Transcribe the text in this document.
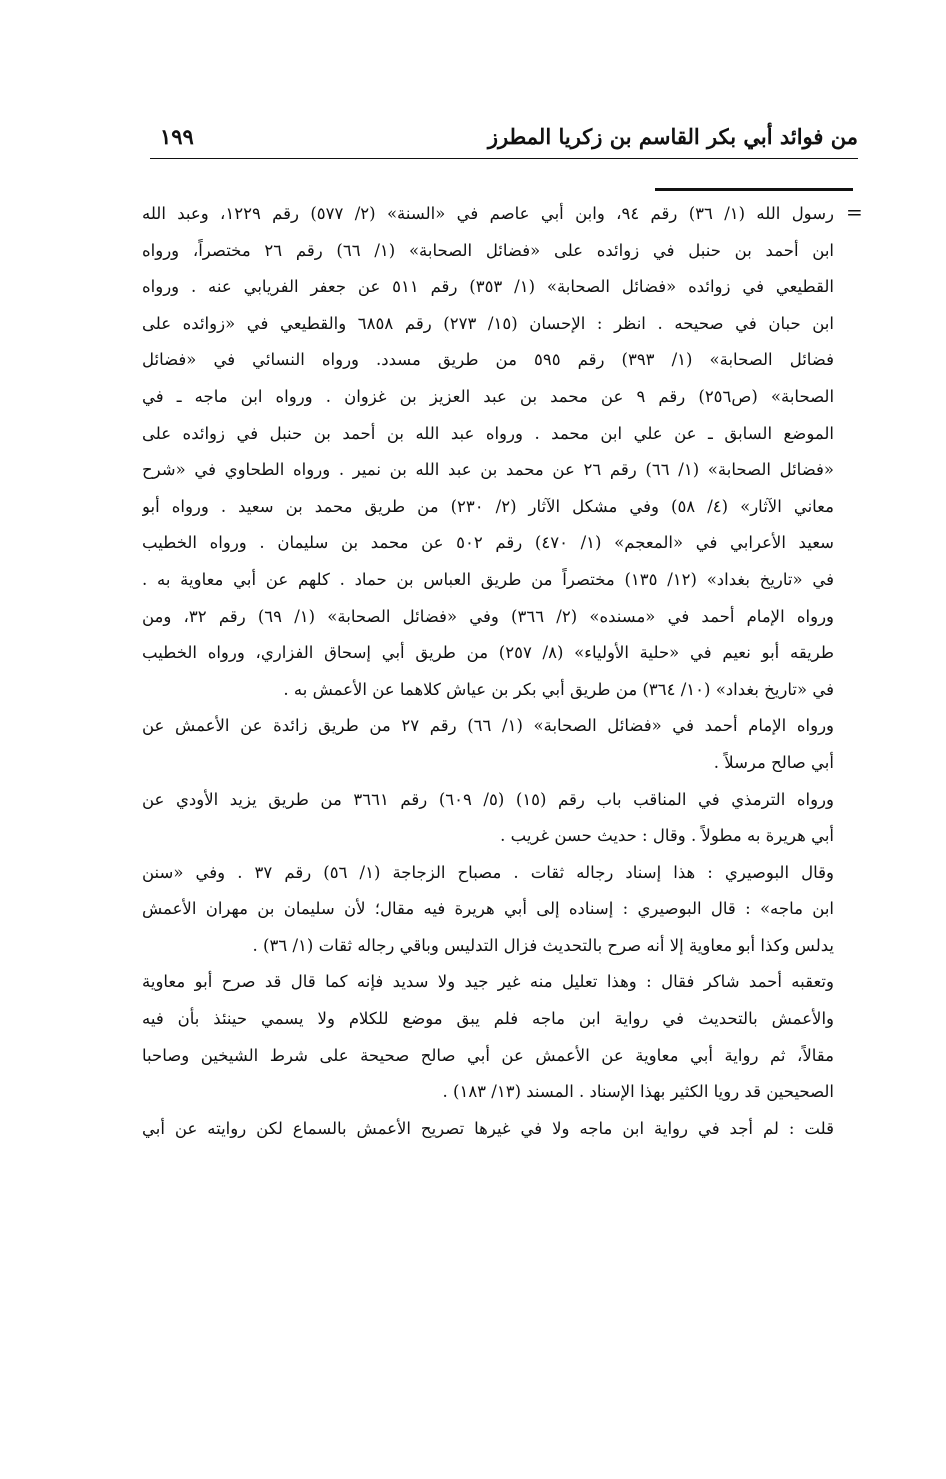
من فوائد أبي بكر القاسم بن زكريا المطرز
١٩٩
=
رسول الله (١/ ٣٦) رقم ٩٤، وابن أبي عاصم في «السنة» (٢/ ٥٧٧) رقم ١٢٢٩، وعبد الله
ابن أحمد بن حنبل في زوائده على «فضائل الصحابة» (١/ ٦٦) رقم ٢٦ مختصراً، ورواه
القطيعي في زوائده «فضائل الصحابة» (١/ ٣٥٣) رقم ٥١١ عن جعفر الفريابي عنه . ورواه
ابن حبان في صحيحه . انظر : الإحسان (١٥/ ٢٧٣) رقم ٦٨٥٨ والقطيعي في «زوائده على
فضائل الصحابة» (١/ ٣٩٣) رقم ٥٩٥ من طريق مسدد. ورواه النسائي في «فضائل
الصحابة» (ص٢٥٦) رقم ٩ عن محمد بن عبد العزيز بن غزوان . ورواه ابن ماجه ـ في
الموضع السابق ـ عن علي ابن محمد . ورواه عبد الله بن أحمد بن حنبل في زوائده على
«فضائل الصحابة» (١/ ٦٦) رقم ٢٦ عن محمد بن عبد الله بن نمير . ورواه الطحاوي في «شرح
معاني الآثار» (٤/ ٥٨) وفي مشكل الآثار (٢/ ٢٣٠) من طريق محمد بن سعيد . ورواه أبو
سعيد الأعرابي في «المعجم» (١/ ٤٧٠) رقم ٥٠٢ عن محمد بن سليمان . ورواه الخطيب
في «تاريخ بغداد» (١٢/ ١٣٥) مختصراً من طريق العباس بن حماد . كلهم عن أبي معاوية به .
ورواه الإمام أحمد في «مسنده» (٢/ ٣٦٦) وفي «فضائل الصحابة» (١/ ٦٩) رقم ٣٢، ومن
طريقه أبو نعيم في «حلية الأولياء» (٨/ ٢٥٧) من طريق أبي إسحاق الفزاري، ورواه الخطيب
في «تاريخ بغداد» (١٠/ ٣٦٤) من طريق أبي بكر بن عياش كلاهما عن الأعمش به .
ورواه الإمام أحمد في «فضائل الصحابة» (١/ ٦٦) رقم ٢٧ من طريق زائدة عن الأعمش عن
أبي صالح مرسلاً .
ورواه الترمذي في المناقب باب رقم (١٥) (٥/ ٦٠٩) رقم ٣٦٦١ من طريق يزيد الأودي عن
أبي هريرة به مطولاً . وقال : حديث حسن غريب .
وقال البوصيري : هذا إسناد رجاله ثقات . مصباح الزجاجة (١/ ٥٦) رقم ٣٧ . وفي «سنن
ابن ماجه» : قال البوصيري : إسناده إلى أبي هريرة فيه مقال؛ لأن سليمان بن مهران الأعمش
يدلس وكذا أبو معاوية إلا أنه صرح بالتحديث فزال التدليس وباقي رجاله ثقات (١/ ٣٦) .
وتعقبه أحمد شاكر فقال : وهذا تعليل منه غير جيد ولا سديد فإنه كما قال قد صرح أبو معاوية
والأعمش بالتحديث في رواية ابن ماجه فلم يبق موضع للكلام ولا يسمي حينئذ بأن فيه
مقالاً، ثم رواية أبي معاوية عن الأعمش عن أبي صالح صحيحة على شرط الشيخين وصاحبا
الصحيحين قد رويا الكثير بهذا الإسناد . المسند (١٣/ ١٨٣) .
قلت : لم أجد في رواية ابن ماجه ولا في غيرها تصريح الأعمش بالسماع لكن روايته عن أبي
